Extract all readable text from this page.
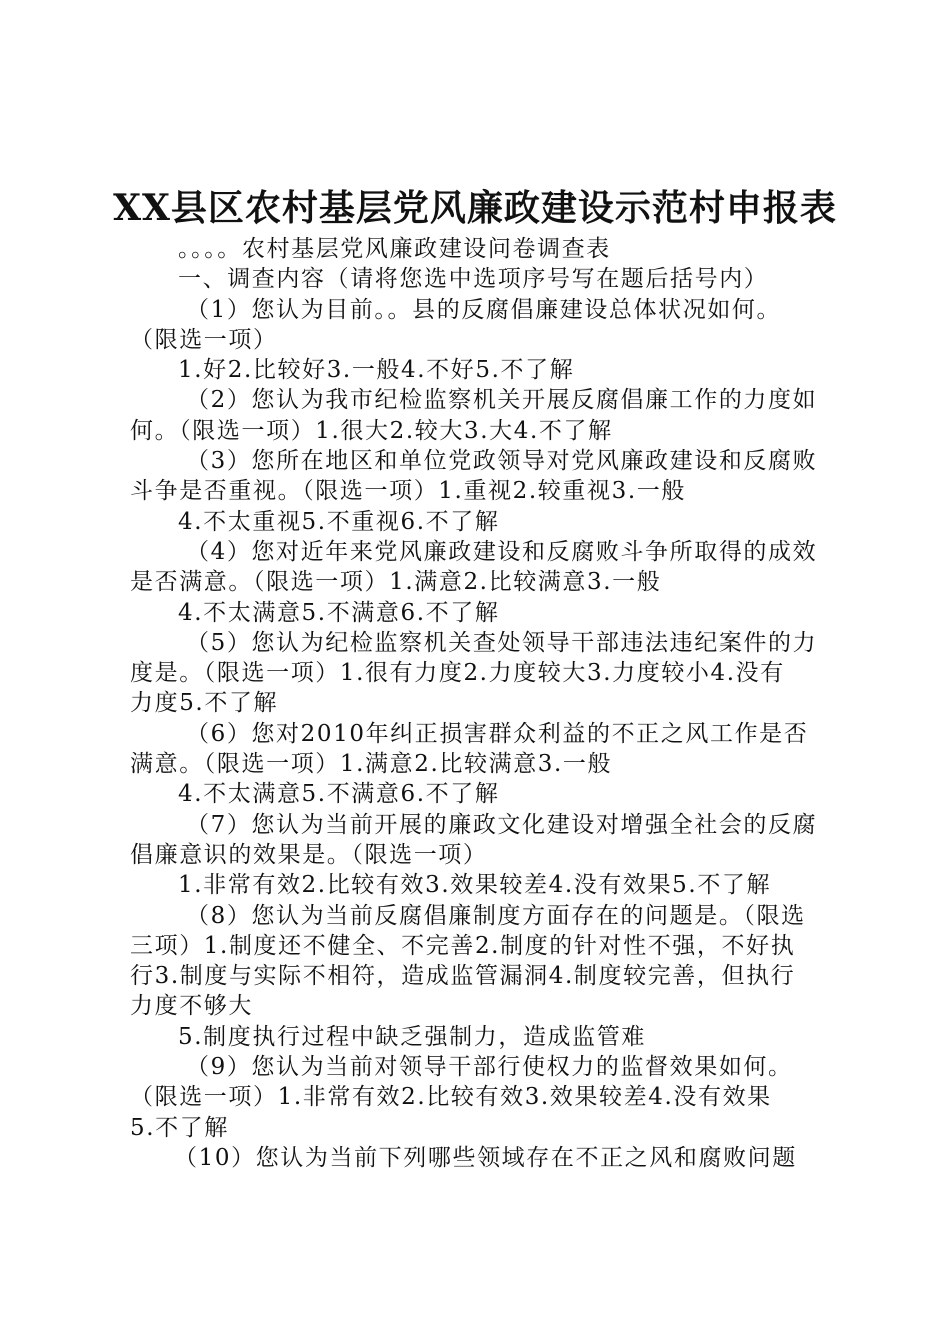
XX县区农村基层党风廉政建设示范村申报表
。。。。农村基层党风廉政建设问卷调查表
一、调查内容（请将您选中选项序号写在题后括号内）
（1）您认为目前。。县的反腐倡廉建设总体状况如何。
（限选一项）
1.好2.比较好3.一般4.不好5.不了解
（2）您认为我市纪检监察机关开展反腐倡廉工作的力度如
何。（限选一项）1.很大2.较大3.大4.不了解
（3）您所在地区和单位党政领导对党风廉政建设和反腐败
斗争是否重视。（限选一项）1.重视2.较重视3.一般
4.不太重视5.不重视6.不了解
（4）您对近年来党风廉政建设和反腐败斗争所取得的成效
是否满意。（限选一项）1.满意2.比较满意3.一般
4.不太满意5.不满意6.不了解
（5）您认为纪检监察机关查处领导干部违法违纪案件的力
度是。（限选一项）1.很有力度2.力度较大3.力度较小4.没有
力度5.不了解
（6）您对2010年纠正损害群众利益的不正之风工作是否
满意。（限选一项）1.满意2.比较满意3.一般
4.不太满意5.不满意6.不了解
（7）您认为当前开展的廉政文化建设对增强全社会的反腐
倡廉意识的效果是。（限选一项）
1.非常有效2.比较有效3.效果较差4.没有效果5.不了解
（8）您认为当前反腐倡廉制度方面存在的问题是。（限选
三项）1.制度还不健全、不完善2.制度的针对性不强，不好执
行3.制度与实际不相符，造成监管漏洞4.制度较完善，但执行
力度不够大
5.制度执行过程中缺乏强制力，造成监管难
（9）您认为当前对领导干部行使权力的监督效果如何。
（限选一项）1.非常有效2.比较有效3.效果较差4.没有效果
5.不了解
（10）您认为当前下列哪些领域存在不正之风和腐败问题
